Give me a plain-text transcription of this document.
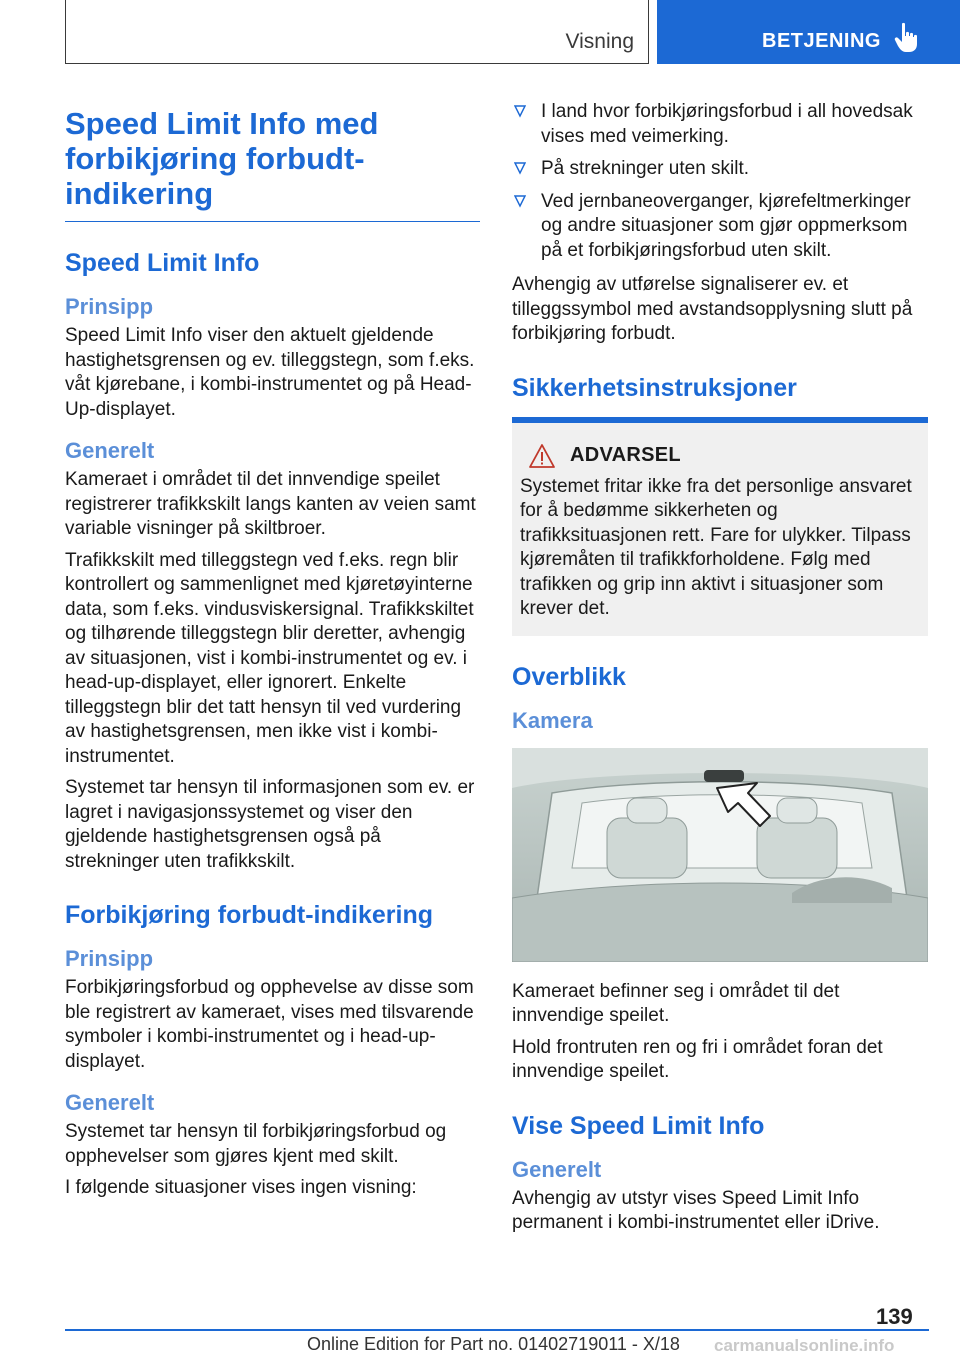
Visning	BETJENING
Speed Limit Info med forbikjøring forbudt-indikering
Speed Limit Info
Prinsipp

Speed Limit Info viser den aktuelt gjeldende hastighetsgrensen og ev. tilleggstegn, som f.eks. våt kjørebane, i kombi-instrumentet og på Head-Up-displayet.

Generelt

Kameraet i området til det innvendige speilet registrerer trafikkskilt langs kanten av veien samt variable visninger på skiltbroer.

Trafikkskilt med tilleggstegn ved f.eks. regn blir kontrollert og sammenlignet med kjøretøyinterne data, som f.eks. vindusviskersignal. Trafikkskiltet og tilhørende tilleggstegn blir deretter, avhengig av situasjonen, vist i kombi-instrumentet og ev. i head-up-displayet, eller ignorert. Enkelte tilleggstegn blir det tatt hensyn til ved vurdering av hastighetsgrensen, men ikke vist i kombi-instrumentet.

Systemet tar hensyn til informasjonen som ev. er lagret i navigasjonssystemet og viser den gjeldende hastighetsgrensen også på strekninger uten trafikkskilt.

Forbikjøring forbudt-indikering
Prinsipp

Forbikjøringsforbud og opphevelse av disse som ble registrert av kameraet, vises med tilsvarende symboler i kombi-instrumentet og i head-up-displayet.

Generelt

Systemet tar hensyn til forbikjøringsforbud og opphevelser som gjøres kjent med skilt.

I følgende situasjoner vises ingen visning:

I land hvor forbikjøringsforbud i all hovedsak vises med veimerking.
På strekninger uten skilt.
Ved jernbaneoverganger, kjørefeltmerkinger og andre situasjoner som gjør oppmerksom på et forbikjøringsforbud uten skilt.

Avhengig av utførelse signaliserer ev. et tilleggssymbol med avstandsopplysning slutt på forbikjøring forbudt.

Sikkerhetsinstruksjoner
ADVARSEL

Systemet fritar ikke fra det personlige ansvaret for å bedømme sikkerheten og trafikksituasjonen rett. Fare for ulykker. Tilpass kjøremåten til trafikkforholdene. Følg med trafikken og grip inn aktivt i situasjoner som krever det.

Overblikk
Kamera

Kameraet befinner seg i området til det innvendige speilet.

Hold frontruten ren og fri i området foran det innvendige speilet.

Vise Speed Limit Info
Generelt

Avhengig av utstyr vises Speed Limit Info permanent i kombi-instrumentet eller iDrive.

139
Online Edition for Part no. 01402719011 - X/18 carmanualsonline.info
